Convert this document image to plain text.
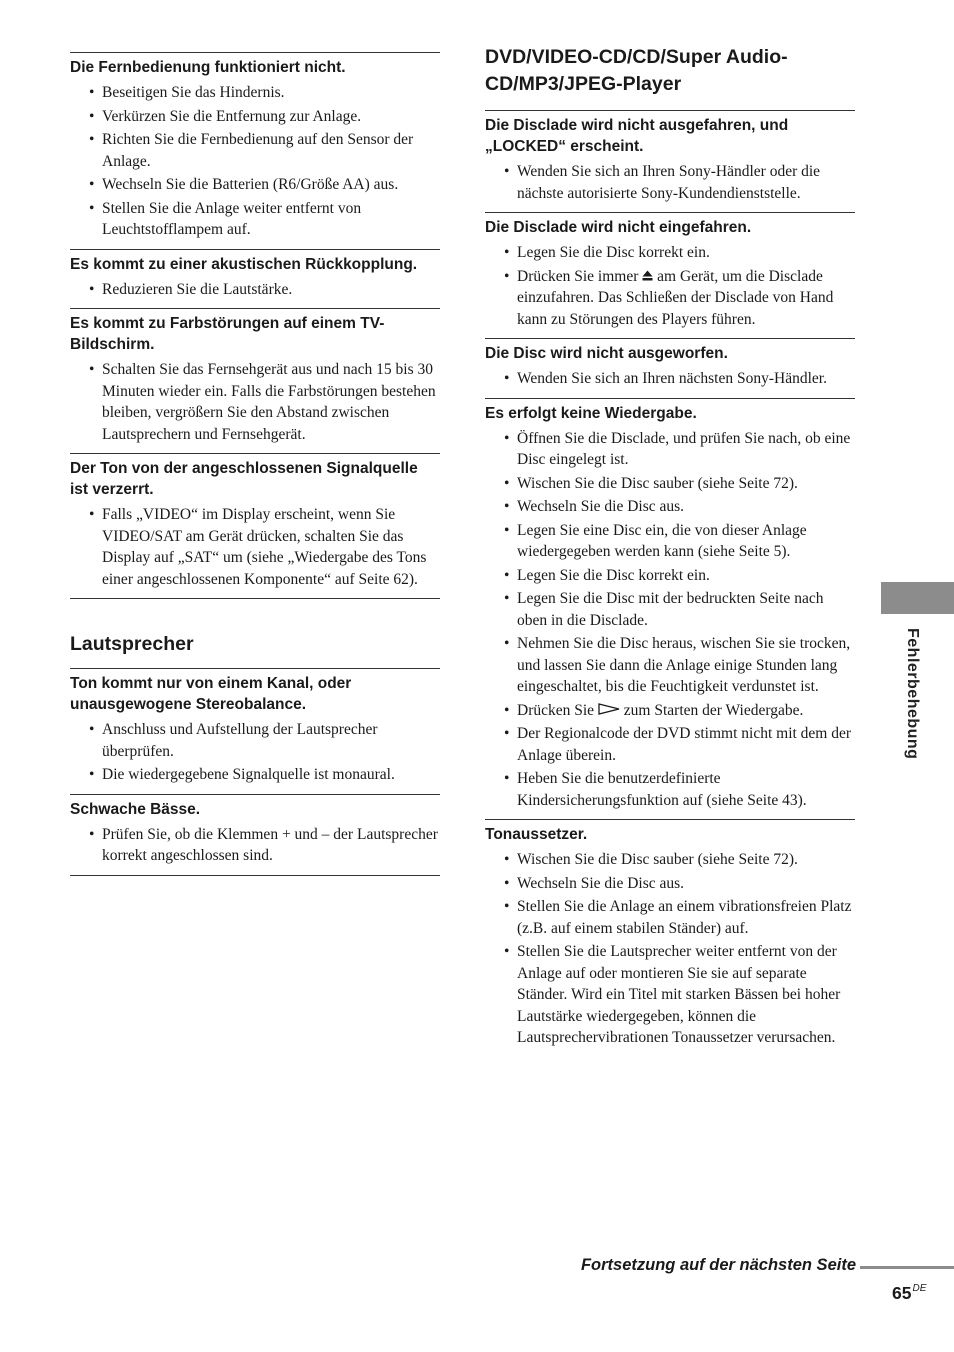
Die Fernbedienung funktioniert nicht.
• Beseitigen Sie das Hindernis.
• Verkürzen Sie die Entfernung zur Anlage.
• Richten Sie die Fernbedienung auf den Sensor der Anlage.
• Wechseln Sie die Batterien (R6/Größe AA) aus.
• Stellen Sie die Anlage weiter entfernt von Leuchtstofflampem auf.
Es kommt zu einer akustischen Rückkopplung.
• Reduzieren Sie die Lautstärke.
Es kommt zu Farbstörungen auf einem TV-Bildschirm.
• Schalten Sie das Fernsehgerät aus und nach 15 bis 30 Minuten wieder ein. Falls die Farbstörungen bestehen bleiben, vergrößern Sie den Abstand zwischen Lautsprechern und Fernsehgerät.
Der Ton von der angeschlossenen Signalquelle ist verzerrt.
• Falls „VIDEO“ im Display erscheint, wenn Sie VIDEO/SAT am Gerät drücken, schalten Sie das Display auf „SAT“ um (siehe „Wiedergabe des Tons einer angeschlossenen Komponente“ auf Seite 62).
Lautsprecher
Ton kommt nur von einem Kanal, oder unausgewogene Stereobalance.
• Anschluss und Aufstellung der Lautsprecher überprüfen.
• Die wiedergegebene Signalquelle ist monaural.
Schwache Bässe.
• Prüfen Sie, ob die Klemmen + und – der Lautsprecher korrekt angeschlossen sind.
DVD/VIDEO-CD/CD/Super Audio-CD/MP3/JPEG-Player
Die Disclade wird nicht ausgefahren, und „LOCKED“ erscheint.
• Wenden Sie sich an Ihren Sony-Händler oder die nächste autorisierte Sony-Kundendienststelle.
Die Disclade wird nicht eingefahren.
• Legen Sie die Disc korrekt ein.
• Drücken Sie immer am Gerät, um die Disclade einzufahren. Das Schließen der Disclade von Hand kann zu Störungen des Players führen.
Die Disc wird nicht ausgeworfen.
• Wenden Sie sich an Ihren nächsten Sony-Händler.
Es erfolgt keine Wiedergabe.
• Öffnen Sie die Disclade, und prüfen Sie nach, ob eine Disc eingelegt ist.
• Wischen Sie die Disc sauber (siehe Seite 72).
• Wechseln Sie die Disc aus.
• Legen Sie eine Disc ein, die von dieser Anlage wiedergegeben werden kann (siehe Seite 5).
• Legen Sie die Disc korrekt ein.
• Legen Sie die Disc mit der bedruckten Seite nach oben in die Disclade.
• Nehmen Sie die Disc heraus, wischen Sie sie trocken, und lassen Sie dann die Anlage einige Stunden lang eingeschaltet, bis die Feuchtigkeit verdunstet ist.
• Drücken Sie zum Starten der Wiedergabe.
• Der Regionalcode der DVD stimmt nicht mit dem der Anlage überein.
• Heben Sie die benutzerdefinierte Kindersicherungsfunktion auf (siehe Seite 43).
Tonaussetzer.
• Wischen Sie die Disc sauber (siehe Seite 72).
• Wechseln Sie die Disc aus.
• Stellen Sie die Anlage an einem vibrationsfreien Platz (z.B. auf einem stabilen Ständer) auf.
• Stellen Sie die Lautsprecher weiter entfernt von der Anlage auf oder montieren Sie sie auf separate Ständer. Wird ein Titel mit starken Bässen bei hoher Lautstärke wiedergegeben, können die Lautsprechervibrationen Tonaussetzer verursachen.
Fehlerbehebung
Fortsetzung auf der nächsten Seite
65DE
